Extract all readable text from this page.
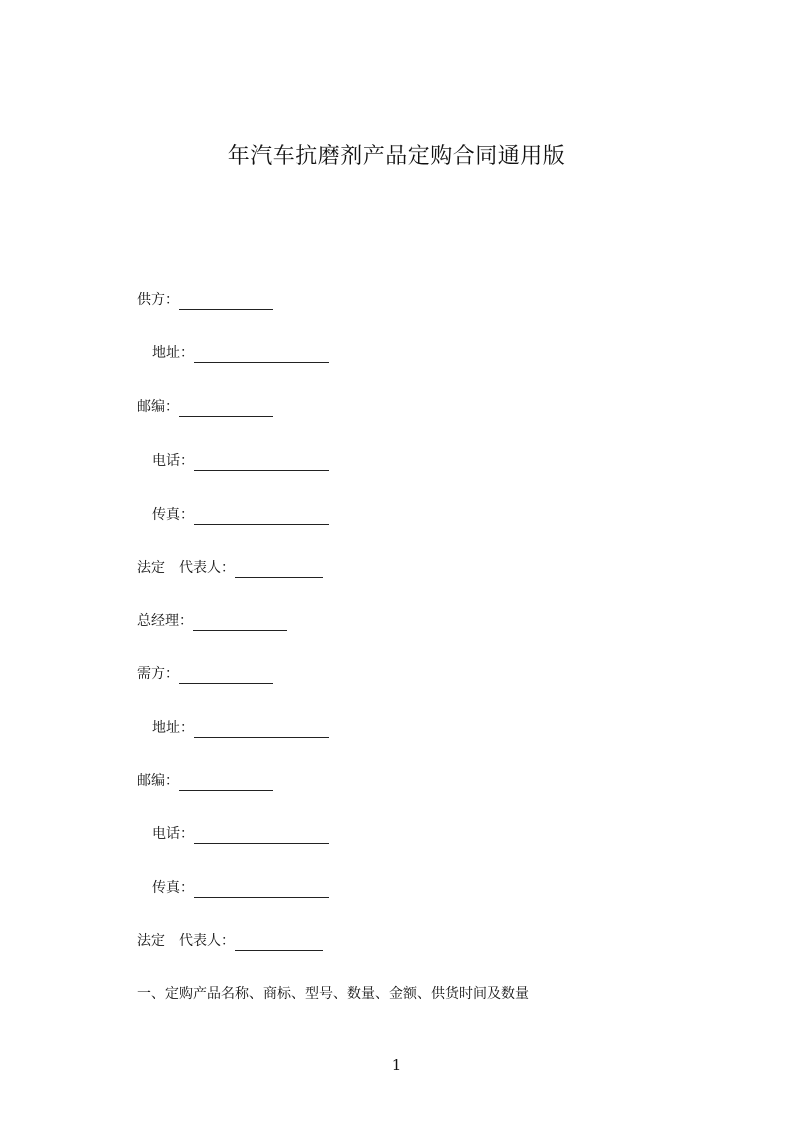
年汽车抗磨剂产品定购合同通用版
供方：
地址：
邮编：
电话：
传真：
法定　代表人：
总经理：
需方：
地址：
邮编：
电话：
传真：
法定　代表人：
一、定购产品名称、商标、型号、数量、金额、供货时间及数量
1
